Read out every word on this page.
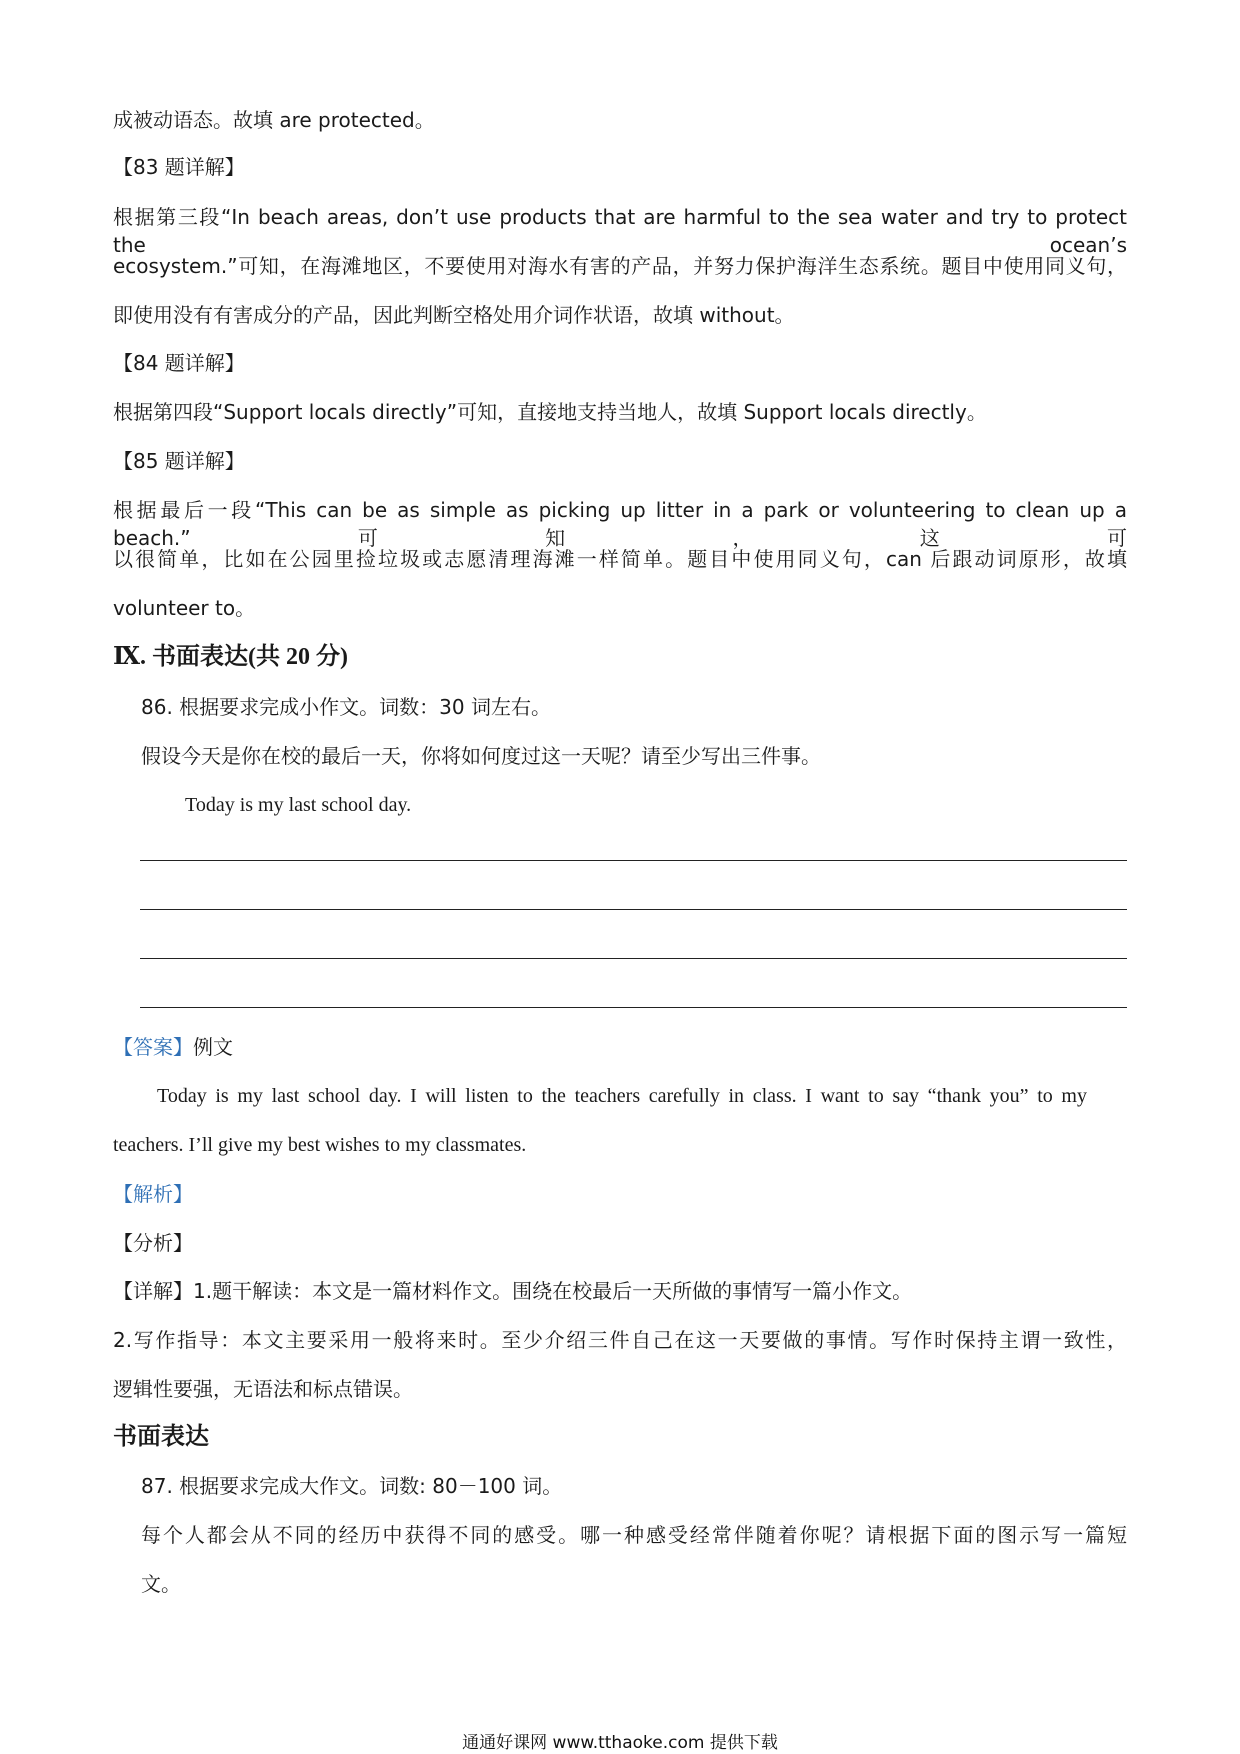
成被动语态。故填 are protected。
【83 题详解】
根据第三段“In beach areas, don’t use products that are harmful to the sea water and try to protect the ocean’s
ecosystem.”可知，在海滩地区，不要使用对海水有害的产品，并努力保护海洋生态系统。题目中使用同义句，
即使用没有有害成分的产品，因此判断空格处用介词作状语，故填 without。
【84 题详解】
根据第四段“Support locals directly”可知，直接地支持当地人，故填 Support locals directly。
【85 题详解】
根据最后一段“This can be as simple as picking up litter in a park or volunteering to clean up a beach.”可知，这可
以很简单，比如在公园里捡垃圾或志愿清理海滩一样简单。题目中使用同义句，can 后跟动词原形，故填
volunteer to。
Ⅸ. 书面表达(共 20 分)
86. 根据要求完成小作文。词数：30 词左右。
假设今天是你在校的最后一天，你将如何度过这一天呢？请至少写出三件事。
Today is my last school day.
【答案】例文
Today is my last school day. I will listen to the teachers carefully in class. I want to say “thank you” to my
teachers. I’ll give my best wishes to my classmates.
【解析】
【分析】
【详解】1.题干解读：本文是一篇材料作文。围绕在校最后一天所做的事情写一篇小作文。
2.写作指导：本文主要采用一般将来时。至少介绍三件自己在这一天要做的事情。写作时保持主谓一致性，
逻辑性要强，无语法和标点错误。
书面表达
87. 根据要求完成大作文。词数: 80－100 词。
每个人都会从不同的经历中获得不同的感受。哪一种感受经常伴随着你呢？请根据下面的图示写一篇短
文。
通通好课网 www.tthaoke.com 提供下载
